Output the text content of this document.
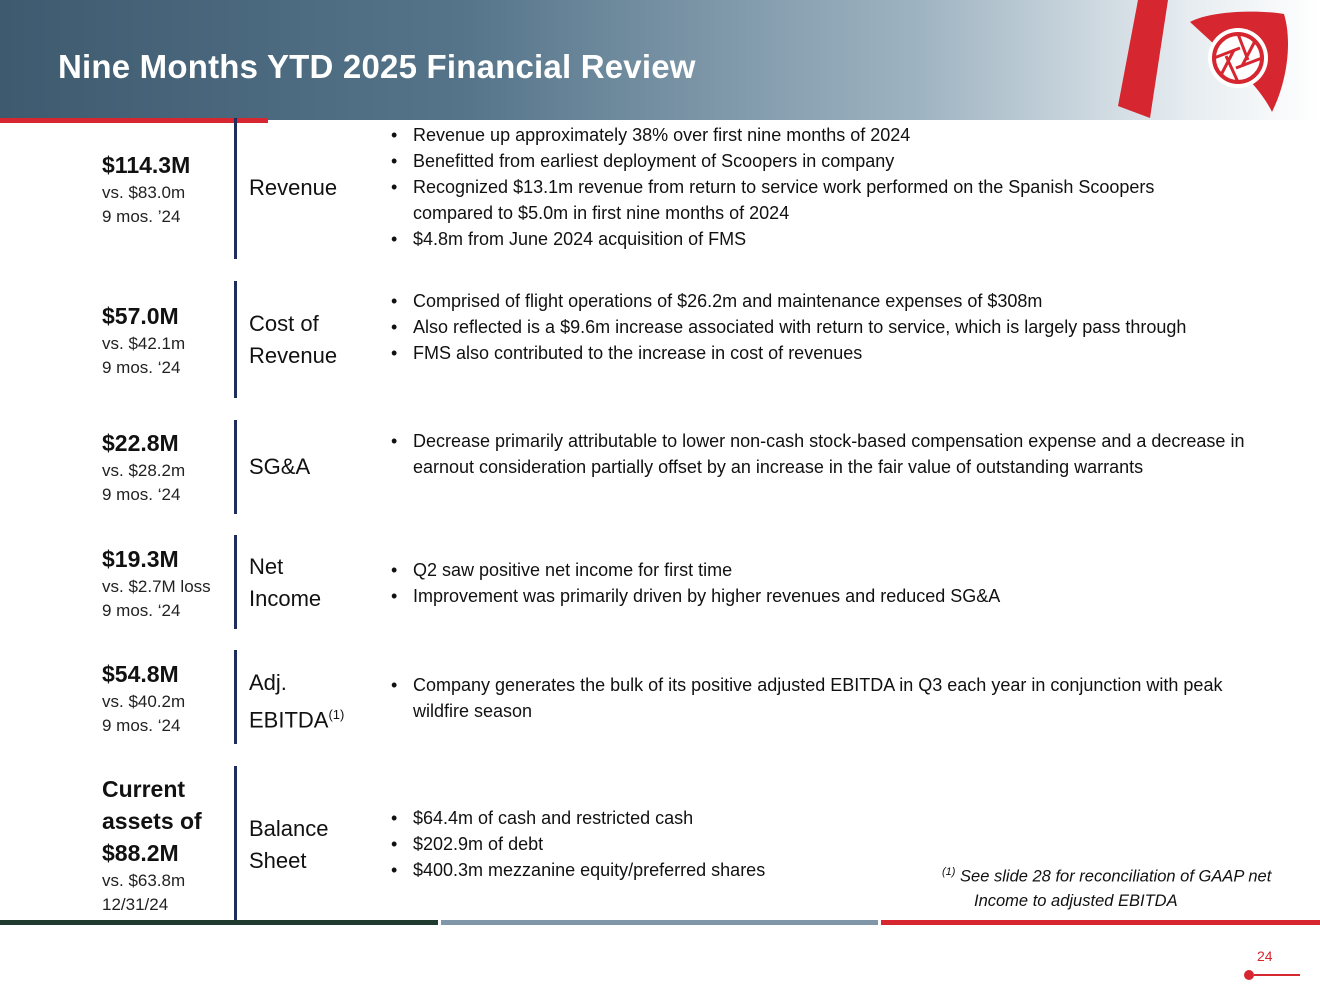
Nine Months YTD 2025 Financial Review
$114.3M
vs. $83.0m
9 mos. ’24
Revenue
• Revenue up approximately 38% over first nine months of 2024
• Benefitted from earliest deployment of Scoopers in company
• Recognized $13.1m revenue from return to service work performed on the Spanish Scoopers compared to $5.0m in first nine months of 2024
• $4.8m from June 2024 acquisition of FMS
$57.0M
vs. $42.1m
9 mos. ‘24
Cost of Revenue
• Comprised of flight operations of $26.2m and maintenance expenses of $308m
• Also reflected is a $9.6m increase associated with return to service, which is largely pass through
• FMS also contributed to the increase in cost of revenues
$22.8M
vs. $28.2m
9 mos. ‘24
SG&A
• Decrease primarily attributable to lower non-cash stock-based compensation expense and a decrease in earnout consideration partially offset by an increase in the fair value of outstanding warrants
$19.3M
vs. $2.7M loss
9 mos. ‘24
Net
Income
• Q2 saw positive net income for first time
• Improvement was primarily driven by higher revenues and reduced SG&A
$54.8M
vs. $40.2m
9 mos. ‘24
Adj.
EBITDA$^{(1)}$
• Company generates the bulk of its positive adjusted EBITDA in Q3 each year in conjunction with peak wildfire season
Current
assets of
$88.2M
vs. $63.8m
12/31/24
Balance
Sheet
• $64.4m of cash and restricted cash
• $202.9m of debt
• $400.3m mezzanine equity/preferred shares	$^{(1)}$ See slide 28 for reconciliation of GAAP net
Income to adjusted EBITDA
24
